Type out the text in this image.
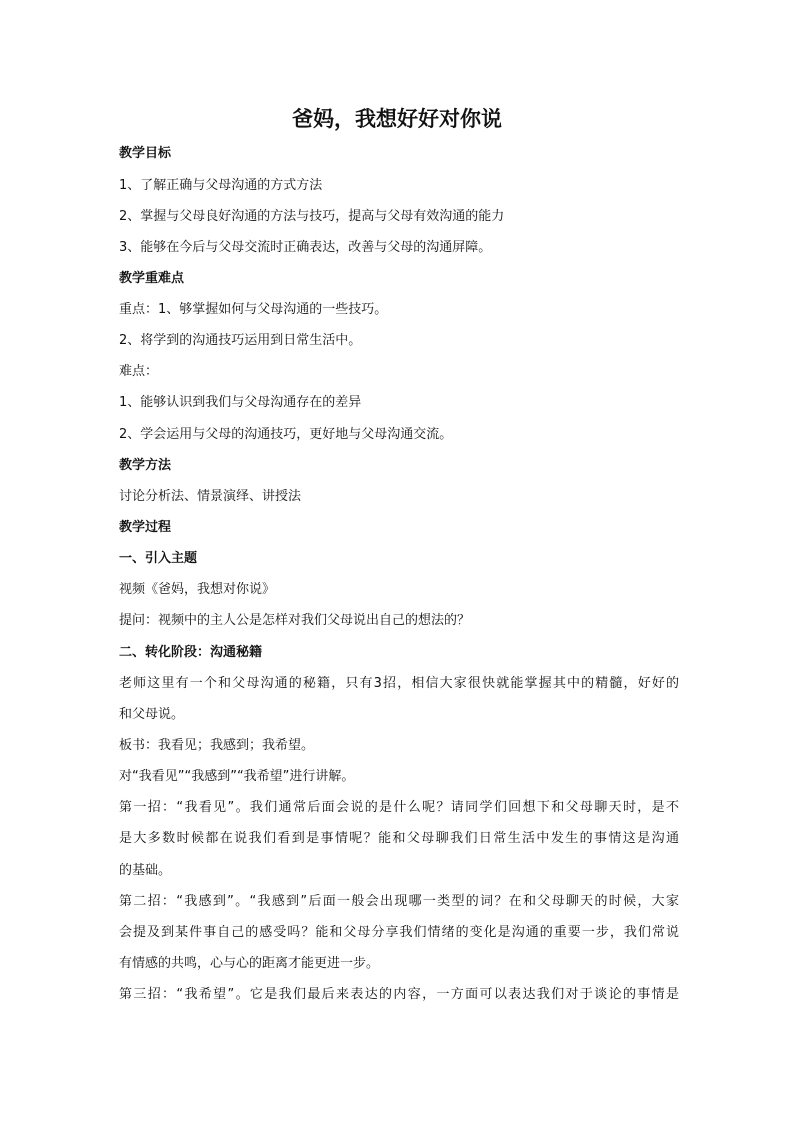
爸妈，我想好好对你说
教学目标
1、了解正确与父母沟通的方式方法
2、掌握与父母良好沟通的方法与技巧，提高与父母有效沟通的能力
3、能够在今后与父母交流时正确表达，改善与父母的沟通屏障。
教学重难点
重点：1、够掌握如何与父母沟通的一些技巧。
2、将学到的沟通技巧运用到日常生活中。
难点：
1、能够认识到我们与父母沟通存在的差异
2、学会运用与父母的沟通技巧，更好地与父母沟通交流。
教学方法
讨论分析法、情景演绎、讲授法
教学过程
一、引入主题
视频《爸妈，我想对你说》
提问：视频中的主人公是怎样对我们父母说出自己的想法的？
二、转化阶段：沟通秘籍
老师这里有一个和父母沟通的秘籍，只有3招，相信大家很快就能掌握其中的精髓，好好的
和父母说。
板书：我看见；我感到；我希望。
对“我看见”“我感到”“我希望”进行讲解。
第一招：“我看见”。我们通常后面会说的是什么呢？请同学们回想下和父母聊天时，是不
是大多数时候都在说我们看到是事情呢？能和父母聊我们日常生活中发生的事情这是沟通
的基础。
第二招：“我感到”。“我感到”后面一般会出现哪一类型的词？在和父母聊天的时候，大家
会提及到某件事自己的感受吗？能和父母分享我们情绪的变化是沟通的重要一步，我们常说
有情感的共鸣，心与心的距离才能更进一步。
第三招：“我希望”。它是我们最后来表达的内容，一方面可以表达我们对于谈论的事情是
